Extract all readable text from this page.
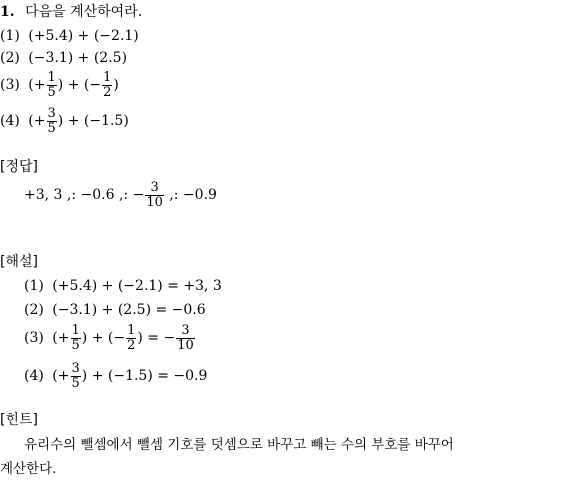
1. 다음을 계산하여라.
(1) (+5.4) + (−2.1)
(2) (−3.1) + (2.5)
(3) (+ $\frac{1}{5}$ ) + (− $\frac{1}{2}$ )
(4) (+ $\frac{3}{5}$ ) + (−1.5)
[정답]
+3, 3 ,: −0.6 ,: − $\frac{3}{10}$ ,: −0.9
[해설]
(1) (+5.4) + (−2.1) = +3, 3
(2) (−3.1) + (2.5) = −0.6
(3) (+ $\frac{1}{5}$ ) + (− $\frac{1}{2}$ ) = − $\frac{3}{10}$
(4) (+ $\frac{3}{5}$ ) + (−1.5) = −0.9
[힌트]
유리수의 뺄셈에서 뺄셈 기호를 덧셈으로 바꾸고 빼는 수의 부호를 바꾸어
계산한다.
